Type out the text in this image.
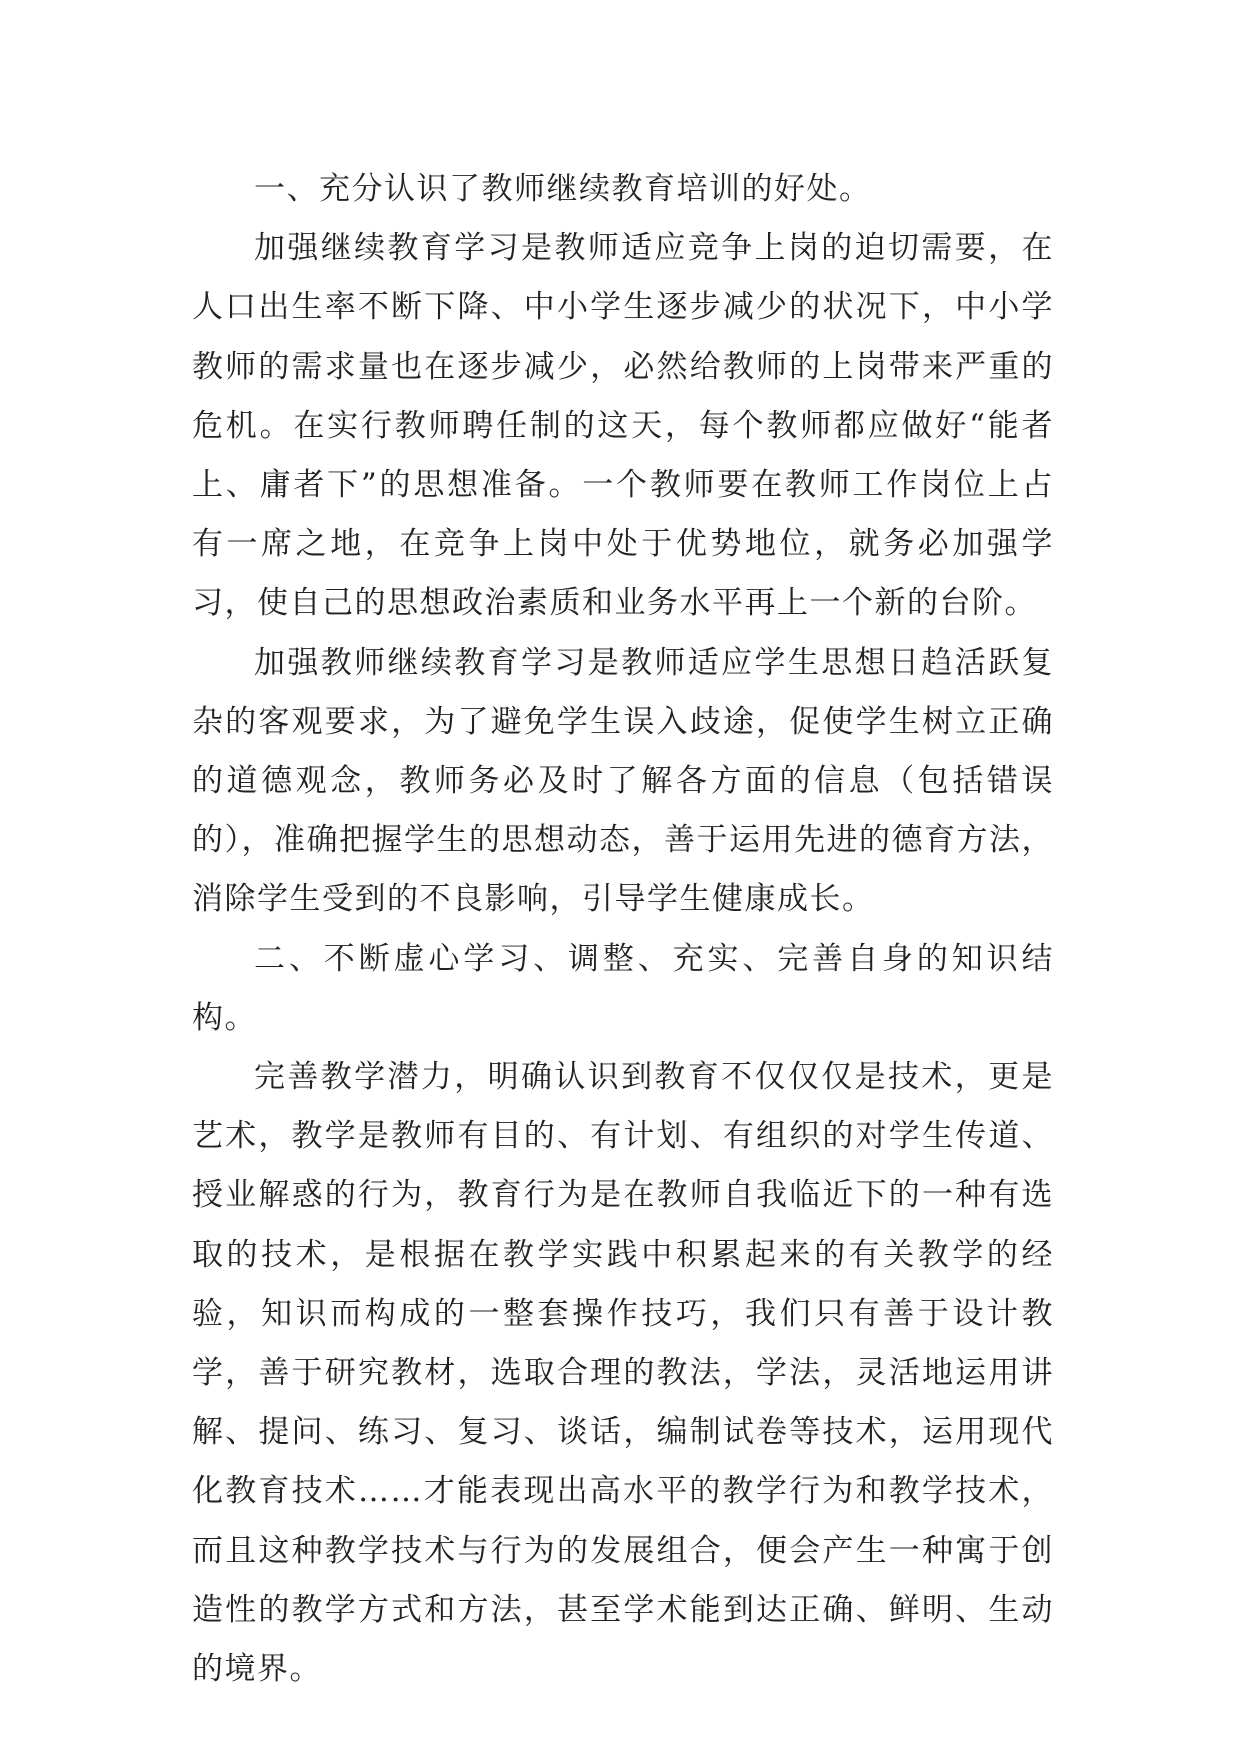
一、充分认识了教师继续教育培训的好处。

加强继续教育学习是教师适应竞争上岗的迫切需要，在人口出生率不断下降、中小学生逐步减少的状况下，中小学教师的需求量也在逐步减少，必然给教师的上岗带来严重的危机。在实行教师聘任制的这天，每个教师都应做好“能者上、庸者下”的思想准备。一个教师要在教师工作岗位上占有一席之地，在竞争上岗中处于优势地位，就务必加强学习，使自己的思想政治素质和业务水平再上一个新的台阶。

加强教师继续教育学习是教师适应学生思想日趋活跃复杂的客观要求，为了避免学生误入歧途，促使学生树立正确的道德观念，教师务必及时了解各方面的信息（包括错误的），准确把握学生的思想动态，善于运用先进的德育方法，消除学生受到的不良影响，引导学生健康成长。

二、不断虚心学习、调整、充实、完善自身的知识结构。

完善教学潜力，明确认识到教育不仅仅仅是技术，更是艺术，教学是教师有目的、有计划、有组织的对学生传道、授业解惑的行为，教育行为是在教师自我临近下的一种有选取的技术，是根据在教学实践中积累起来的有关教学的经验，知识而构成的一整套操作技巧，我们只有善于设计教学，善于研究教材，选取合理的教法，学法，灵活地运用讲解、提问、练习、复习、谈话，编制试卷等技术，运用现代化教育技术……才能表现出高水平的教学行为和教学技术，而且这种教学技术与行为的发展组合，便会产生一种寓于创造性的教学方式和方法，甚至学术能到达正确、鲜明、生动的境界。
